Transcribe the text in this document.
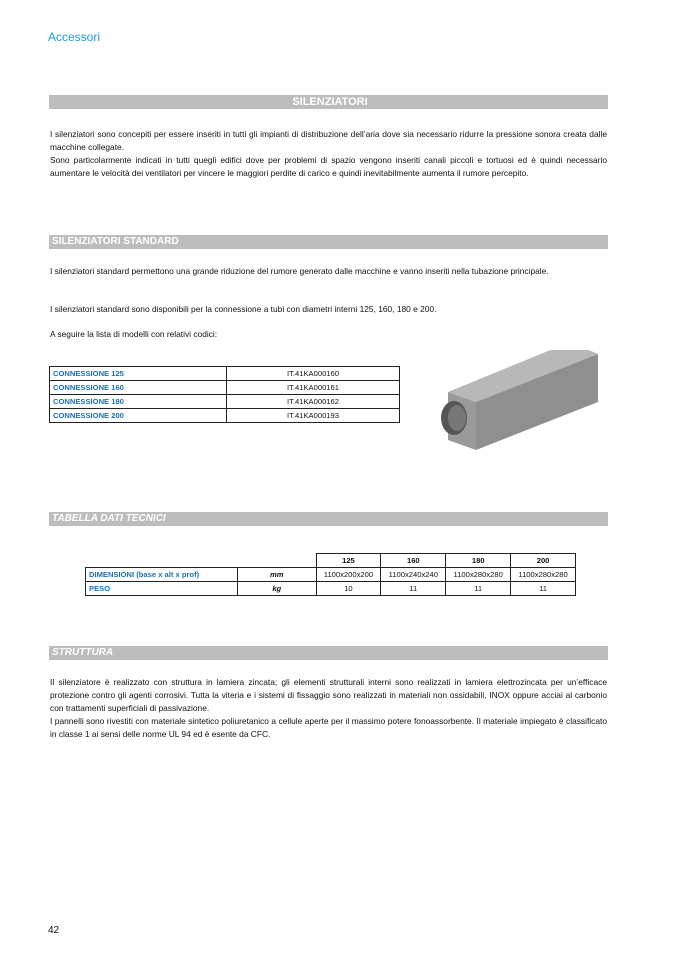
Accessori
SILENZIATORI
I silenziatori sono concepiti per essere inseriti in tutti gli impianti di distribuzione dell’aria dove sia necessario ridurre la pressione sonora creata dalle macchine collegate.
Sono particolarmente indicati in tutti quegli edifici dove per problemi di spazio vengono inseriti canali piccoli e tortuosi ed è quindi necessario aumentare le velocità dei ventilatori per vincere le maggiori perdite di carico e quindi inevitabilmente aumenta il rumore percepito.
SILENZIATORI STANDARD
I silenziatori standard permettono una grande riduzione del rumore generato dalle macchine e vanno inseriti nella tubazione principale.
I silenziatori standard sono disponibili per la connessione a tubi con diametri interni 125, 160, 180 e 200.
A seguire la lista di modelli con relativi codici:
CONNESSIONE 125	IT.41KA000160
CONNESSIONE 160	IT.41KA000161
CONNESSIONE 180	IT.41KA000162
CONNESSIONE 200	IT.41KA000193
TABELLA DATI TECNICI
		125	160	180	200
DIMENSIONI (base x alt x prof)	mm	1100x200x200	1100x240x240	1100x280x280	1100x280x280
PESO	kg	10	11	11	11
STRUTTURA
Il silenziatore è realizzato con struttura in lamiera zincata; gli elementi strutturali interni sono realizzati in lamiera elettrozincata per un’efficace protezione contro gli agenti corrosivi. Tutta la viteria e i sistemi di fissaggio sono realizzati in materiali non ossidabili, INOX oppure acciai al carbonio con trattamenti superficiali di passivazione.
I pannelli sono rivestiti con materiale sintetico poliuretanico a cellule aperte per il massimo potere fonoassorbente. Il materiale impiegato è classificato in classe 1 ai sensi delle norme UL 94 ed è esente da CFC.
42
